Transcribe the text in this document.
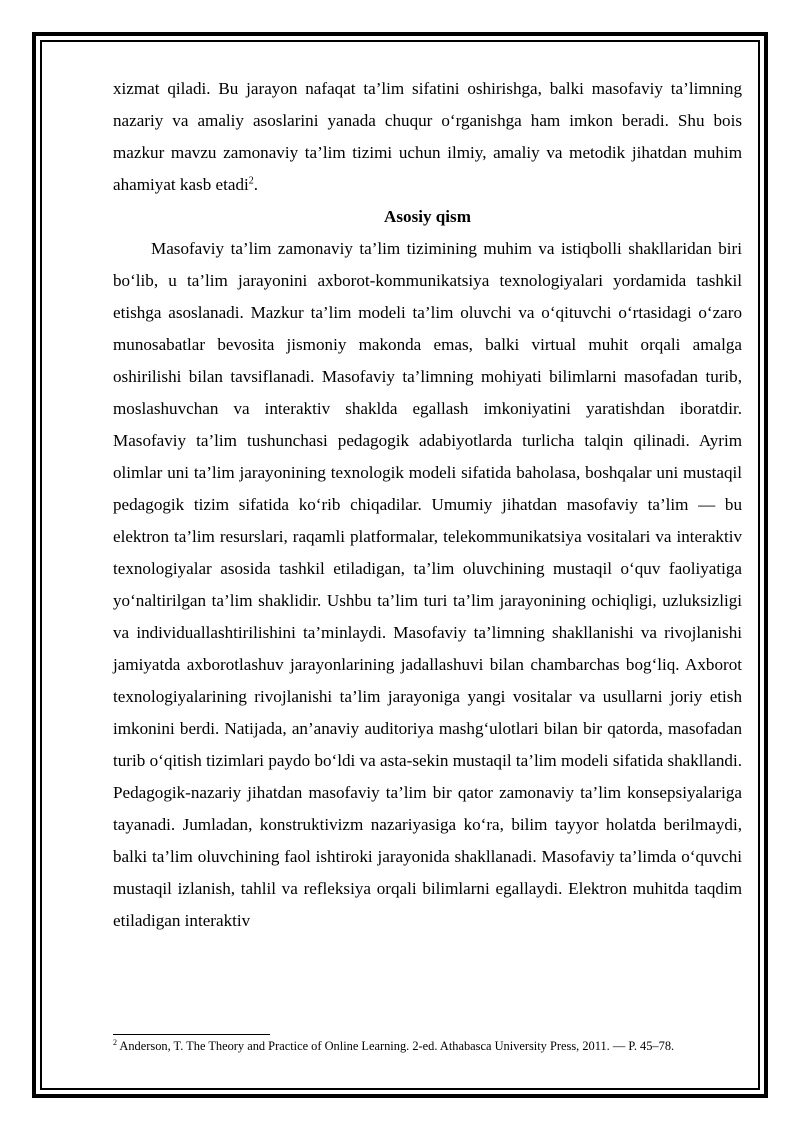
xizmat qiladi. Bu jarayon nafaqat ta’lim sifatini oshirishga, balki masofaviy ta’limning nazariy va amaliy asoslarini yanada chuqur o‘rganishga ham imkon beradi. Shu bois mazkur mavzu zamonaviy ta’lim tizimi uchun ilmiy, amaliy va metodik jihatdan muhim ahamiyat kasb etadi$^2$.

Asosiy qism

Masofaviy ta’lim zamonaviy ta’lim tizimining muhim va istiqbolli shakllaridan biri bo‘lib, u ta’lim jarayonini axborot-kommunikatsiya texnologiyalari yordamida tashkil etishga asoslanadi. Mazkur ta’lim modeli ta’lim oluvchi va o‘qituvchi o‘rtasidagi o‘zaro munosabatlar bevosita jismoniy makonda emas, balki virtual muhit orqali amalga oshirilishi bilan tavsiflanadi. Masofaviy ta’limning mohiyati bilimlarni masofadan turib, moslashuvchan va interaktiv shaklda egallash imkoniyatini yaratishdan iboratdir. Masofaviy ta’lim tushunchasi pedagogik adabiyotlarda turlicha talqin qilinadi. Ayrim olimlar uni ta’lim jarayonining texnologik modeli sifatida baholasa, boshqalar uni mustaqil pedagogik tizim sifatida ko‘rib chiqadilar. Umumiy jihatdan masofaviy ta’lim — bu elektron ta’lim resurslari, raqamli platformalar, telekommunikatsiya vositalari va interaktiv texnologiyalar asosida tashkil etiladigan, ta’lim oluvchining mustaqil o‘quv faoliyatiga yo‘naltirilgan ta’lim shaklidir. Ushbu ta’lim turi ta’lim jarayonining ochiqligi, uzluksizligi va individuallashtirilishini ta’minlaydi. Masofaviy ta’limning shakllanishi va rivojlanishi jamiyatda axborotlashuv jarayonlarining jadallashuvi bilan chambarchas bog‘liq. Axborot texnologiyalarining rivojlanishi ta’lim jarayoniga yangi vositalar va usullarni joriy etish imkonini berdi. Natijada, an’anaviy auditoriya mashg‘ulotlari bilan bir qatorda, masofadan turib o‘qitish tizimlari paydo bo‘ldi va asta-sekin mustaqil ta’lim modeli sifatida shakllandi. Pedagogik-nazariy jihatdan masofaviy ta’lim bir qator zamonaviy ta’lim konsepsiyalariga tayanadi. Jumladan, konstruktivizm nazariyasiga ko‘ra, bilim tayyor holatda berilmaydi, balki ta’lim oluvchining faol ishtiroki jarayonida shakllanadi. Masofaviy ta’limda o‘quvchi mustaqil izlanish, tahlil va refleksiya orqali bilimlarni egallaydi. Elektron muhitda taqdim etiladigan interaktiv

$^2$ Anderson, T. The Theory and Practice of Online Learning. 2-ed. Athabasca University Press, 2011. — P. 45–78.
